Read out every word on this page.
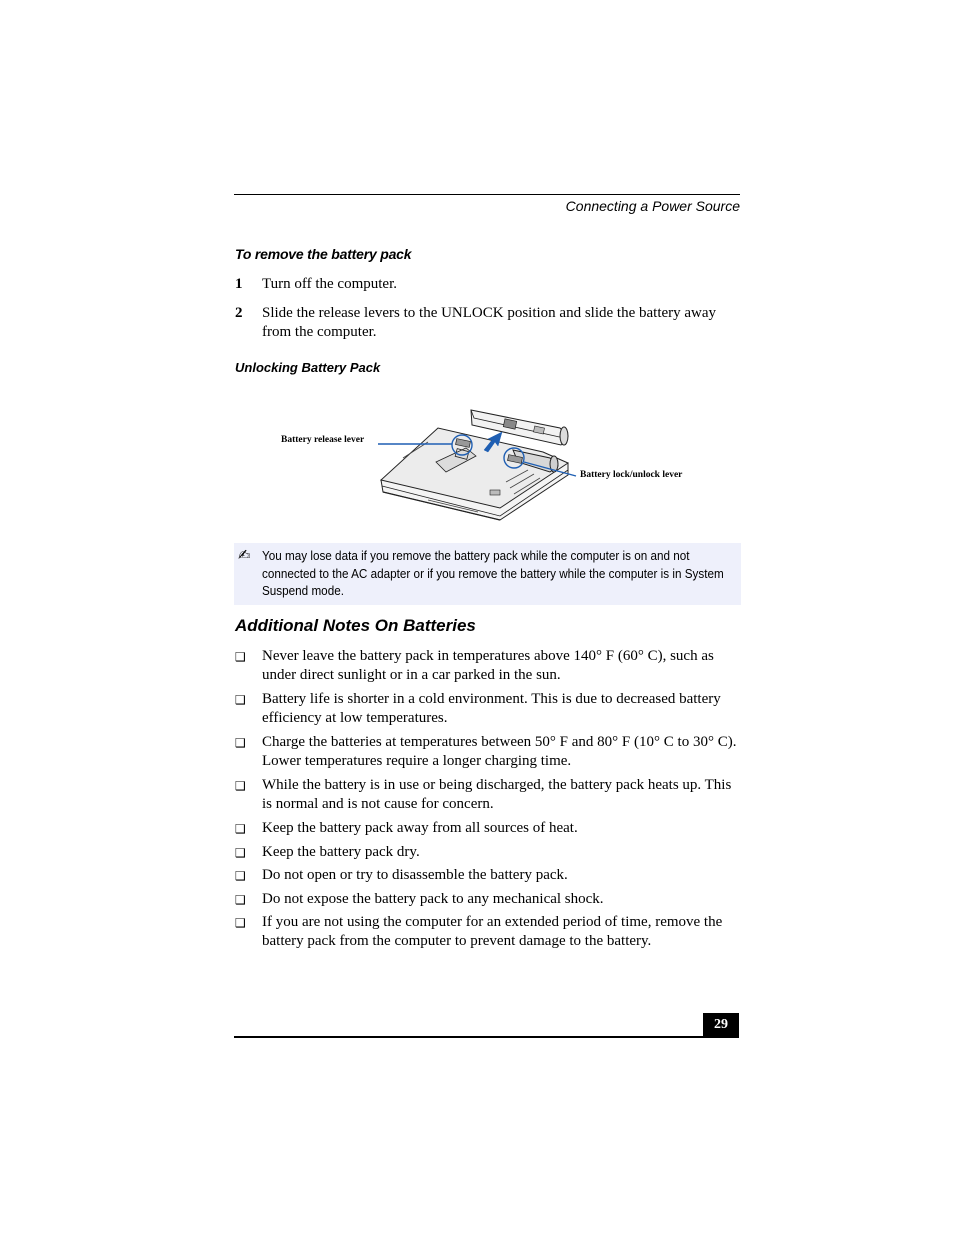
Connecting a Power Source
To remove the battery pack
1 Turn off the computer.
2 Slide the release levers to the UNLOCK position and slide the battery away from the computer.
Unlocking Battery Pack
Battery release lever
Battery lock/unlock lever
✍ You may lose data if you remove the battery pack while the computer is on and not connected to the AC adapter or if you remove the battery while the computer is in System Suspend mode.
Additional Notes On Batteries
❑ Never leave the battery pack in temperatures above 140° F (60° C), such as under direct sunlight or in a car parked in the sun.
❑ Battery life is shorter in a cold environment. This is due to decreased battery efficiency at low temperatures.
❑ Charge the batteries at temperatures between 50° F and 80° F (10° C to 30° C). Lower temperatures require a longer charging time.
❑ While the battery is in use or being discharged, the battery pack heats up. This is normal and is not cause for concern.
❑ Keep the battery pack away from all sources of heat.
❑ Keep the battery pack dry.
❑ Do not open or try to disassemble the battery pack.
❑ Do not expose the battery pack to any mechanical shock.
❑ If you are not using the computer for an extended period of time, remove the battery pack from the computer to prevent damage to the battery.
29
